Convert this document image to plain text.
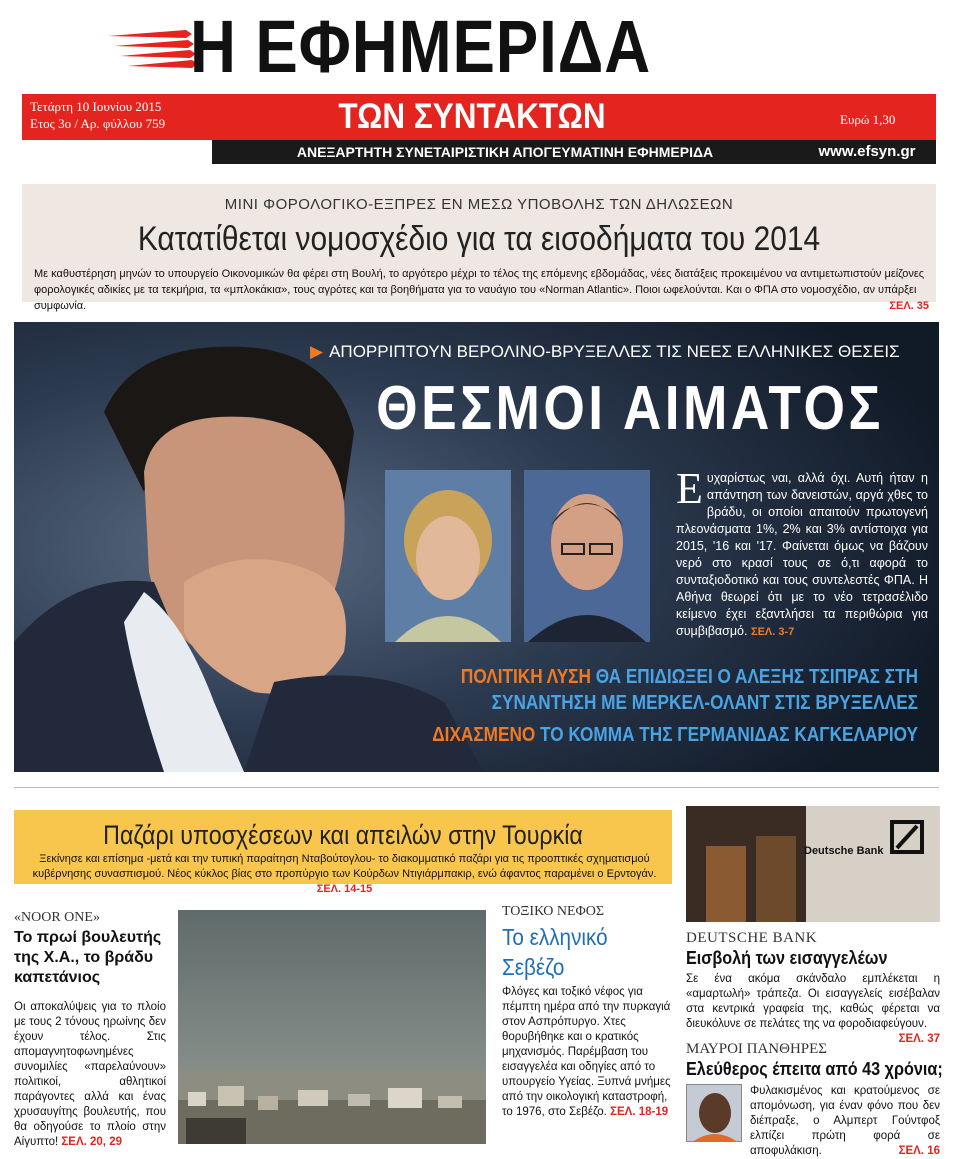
Η ΕΦΗΜΕΡΙΔΑ
Τετάρτη 10 Ιουνίου 2015
Ετος 3ο / Αρ. φύλλου 759	ΤΩΝ ΣΥΝΤΑΚΤΩΝ	Ευρώ 1,30
ΑΝΕΞΑΡΤΗΤΗ ΣΥΝΕΤΑΙΡΙΣΤΙΚΗ ΑΠΟΓΕΥΜΑΤΙΝΗ ΕΦΗΜΕΡΙΔΑ	www.efsyn.gr
ΜΙΝΙ ΦΟΡΟΛΟΓΙΚΟ-ΕΞΠΡΕΣ ΕΝ ΜΕΣΩ ΥΠΟΒΟΛΗΣ ΤΩΝ ΔΗΛΩΣΕΩΝ
Κατατίθεται νομοσχέδιο για τα εισοδήματα του 2014
Με καθυστέρηση μηνών το υπουργείο Οικονομικών θα φέρει στη Βουλή, το αργότερο μέχρι το τέλος της επόμενης εβδομάδας, νέες διατάξεις προκειμένου να αντιμετωπιστούν μείζονες φορολογικές αδικίες με τα τεκμήρια, τα «μπλοκάκια», τους αγρότες και τα βοηθήματα για το ναυάγιο του «Norman Atlantic». Ποιοι ωφελούνται. Και ο ΦΠΑ στο νομοσχέδιο, αν υπάρξει συμφωνία.	ΣΕΛ. 35
▶ ΑΠΟΡΡΙΠΤΟΥΝ ΒΕΡΟΛΙΝΟ-ΒΡΥΞΕΛΛΕΣ ΤΙΣ ΝΕΕΣ ΕΛΛΗΝΙΚΕΣ ΘΕΣΕΙΣ
ΘΕΣΜΟΙ ΑΙΜΑΤΟΣ
Ευχαρίστως ναι, αλλά όχι. Αυτή ήταν η απάντηση των δανειστών, αργά χθες το βράδυ, οι οποίοι απαιτούν πρωτογενή πλεονάσματα 1%, 2% και 3% αντίστοιχα για 2015, '16 και '17. Φαίνεται όμως να βάζουν νερό στο κρασί τους σε ό,τι αφορά το συνταξιοδοτικό και τους συντελεστές ΦΠΑ. Η Αθήνα θεωρεί ότι με το νέο τετρασέλιδο κείμενο έχει εξαντλήσει τα περιθώρια για συμβιβασμό. ΣΕΛ. 3-7
ΠΟΛΙΤΙΚΗ ΛΥΣΗ ΘΑ ΕΠΙΔΙΩΞΕΙ Ο ΑΛΕΞΗΣ ΤΣΙΠΡΑΣ ΣΤΗ
ΣΥΝΑΝΤΗΣΗ ΜΕ ΜΕΡΚΕΛ-ΟΛΑΝΤ ΣΤΙΣ ΒΡΥΞΕΛΛΕΣ
ΔΙΧΑΣΜΕΝΟ ΤΟ ΚΟΜΜΑ ΤΗΣ ΓΕΡΜΑΝΙΔΑΣ ΚΑΓΚΕΛΑΡΙΟΥ
Παζάρι υποσχέσεων και απειλών στην Τουρκία
Ξεκίνησε και επίσημα -μετά και την τυπική παραίτηση Νταβούτογλου- το διακομματικό παζάρι για τις προοπτικές σχηματισμού κυβέρνησης συνασπισμού. Νέος κύκλος βίας στο προπύργιο των Κούρδων Ντιγιάρμπακιρ, ενώ άφαντος παραμένει ο Ερντογάν. ΣΕΛ. 14-15
Deutsche Bank
DEUTSCHE BANK
Εισβολή των εισαγγελέων
Σε ένα ακόμα σκάνδαλο εμπλέκεται η «αμαρτωλή» τράπεζα. Οι εισαγγελείς εισέβαλαν στα κεντρικά γραφεία της, καθώς φέρεται να διευκόλυνε σε πελάτες της να φοροδιαφεύγουν.
ΣΕΛ. 37
ΜΑΥΡΟΙ ΠΑΝΘΗΡΕΣ
Ελεύθερος έπειτα από 43 χρόνια;
Φυλακισμένος και κρατούμενος σε απομόνωση, για έναν φόνο που δεν διέπραξε, ο Αλμπερτ Γούντφοξ ελπίζει πρώτη φορά σε αποφυλάκιση.	ΣΕΛ. 16
«NOOR ONE»
Το πρωί βουλευτής της Χ.Α., το βράδυ καπετάνιος
Οι αποκαλύψεις για το πλοίο με τους 2 τόνους ηρωίνης δεν έχουν τέλος. Στις απομαγνητοφωνημένες συνομιλίες «παρελαύνουν» πολιτικοί, αθλητικοί παράγοντες αλλά και ένας χρυσαυγίτης βουλευτής, που θα οδηγούσε το πλοίο στην Αίγυπτο! ΣΕΛ. 20, 29
ΤΟΞΙΚΟ ΝΕΦΟΣ
Το ελληνικό Σεβέζο
Φλόγες και τοξικό νέφος για πέμπτη ημέρα από την πυρκαγιά στον Ασπρόπυργο. Χτες θορυβήθηκε και ο κρατικός μηχανισμός. Παρέμβαση του εισαγγελέα και οδηγίες από το υπουργείο Υγείας. Ξυπνά μνήμες από την οικολογική καταστροφή, το 1976, στο Σεβέζο. ΣΕΛ. 18-19
